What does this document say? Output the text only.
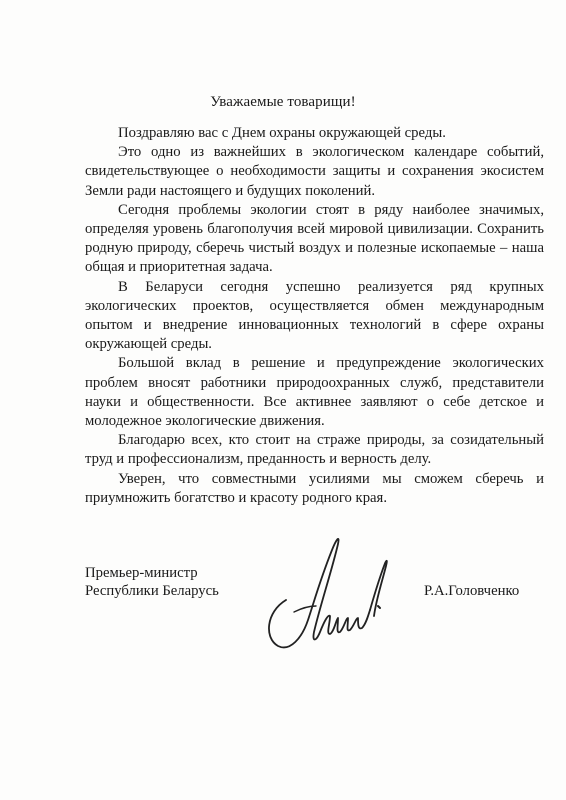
Уважаемые товарищи!

Поздравляю вас с Днем охраны окружающей среды.

Это одно из важнейших в экологическом календаре событий, свидетельствующее о необходимости защиты и сохранения экосистем Земли ради настоящего и будущих поколений.

Сегодня проблемы экологии стоят в ряду наиболее значимых, определяя уровень благополучия всей мировой цивилизации. Сохранить родную природу, сберечь чистый воздух и полезные ископаемые – наша общая и приоритетная задача.

В Беларуси сегодня успешно реализуется ряд крупных экологических проектов, осуществляется обмен международным опытом и внедрение инновационных технологий в сфере охраны окружающей среды.

Большой вклад в решение и предупреждение экологических проблем вносят работники природоохранных служб, представители науки и общественности. Все активнее заявляют о себе детское и молодежное экологические движения.

Благодарю всех, кто стоит на страже природы, за созидательный труд и профессионализм, преданность и верность делу.

Уверен, что совместными усилиями мы сможем сберечь и приумножить богатство и красоту родного края.

Премьер-министр
Республики Беларусь	Р.А.Головченко
